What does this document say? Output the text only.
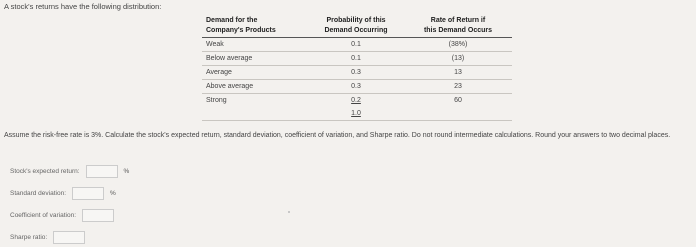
A stock's returns have the following distribution:
Demand for the	Probability of this	Rate of Return if
Company's Products	Demand Occurring	this Demand Occurs
Weak	0.1	(38%)
Below average	0.1	(13)
Average	0.3	13
Above average	0.3	23
Strong	0.2	60
	1.0	
Assume the risk-free rate is 3%. Calculate the stock's expected return, standard deviation, coefficient of variation, and Sharpe ratio. Do not round intermediate calculations. Round your answers to two decimal places.
Stock's expected return:	%
Standard deviation:	%
Coefficient of variation:
Sharpe ratio:
